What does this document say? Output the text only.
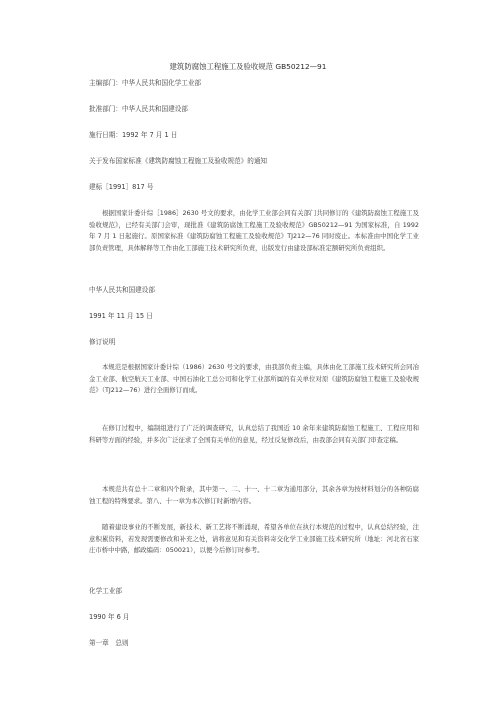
建筑防腐蚀工程施工及验收规范 GB50212—91
主编部门：中华人民共和国化学工业部
批准部门：中华人民共和国建设部
施行日期：1992 年 7 月 1 日
关于发布国家标准《建筑防腐蚀工程施工及验收规范》的通知
建标［1991］817 号
根据国家计委计综［1986］2630 号文的要求，由化学工业部会同有关部门共同修订的《建筑防腐蚀工程施工及验收规范》，已经有关部门会审，现批准《建筑防腐蚀工程施工及验收规范》GB50212—91 为国家标准，自 1992 年 7 月 1 日起施行。原国家标准《建筑防腐蚀工程施工及验收规范》TJ212—76 同时废止。本标准由中国化学工业部负责管理，具体解释等工作由化工部施工技术研究所负责，出版发行由建设部标准定额研究所负责组织。
中华人民共和国建设部
1991 年 11 月 15 日
修订说明
本规范是根据国家计委计综（1986）2630 号文的要求，由我部负责主编，具体由化工部施工技术研究所会同冶金工业部、航空航天工业部、中国石油化工总公司和化学工业部所属的有关单位对原《建筑防腐蚀工程施工及验收规范》（TJ212—76）进行全面修订而成。
在修订过程中，编制组进行了广泛的调查研究，认真总结了我国近 10 余年来建筑防腐蚀工程施工、工程应用和科研等方面的经验，并多次广泛征求了全国有关单位的意见，经过反复修改后，由我部会同有关部门审查定稿。
本规范共有总十二章和四个附录，其中第一、二、十一、十二章为通用部分，其余各章为按材料划分的各种防腐蚀工程的特殊要求。第八、十一章为本次修订时新增内容。
随着建设事业的不断发展，新技术、新工艺将不断涌现，希望各单位在执行本规范的过程中，认真总结经验，注意积累资料，若发现需要修改和补充之处，请将意见和有关资料寄交化学工业部施工技术研究所（地址：河北省石家庄市桥中中路，邮政编码：050021），以便今后修订时参考。
化学工业部
1990 年 6 月
第一章　总则
